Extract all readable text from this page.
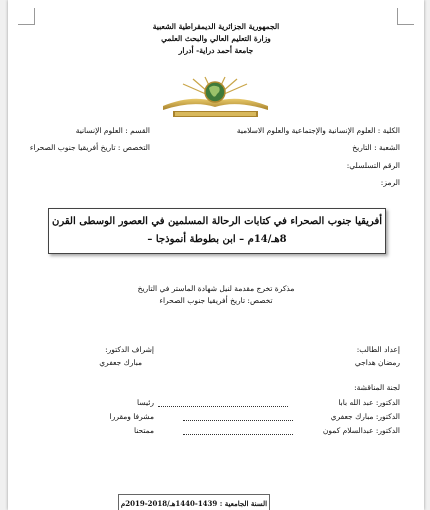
الجمهورية الجزائرية الديمقراطية الشعبية
وزارة التعليم العالي والبحث العلمي
جامعة أحمد دراية- أدرار
الكلية : العلوم الإنسانية والإجتماعية والعلوم الاسلامية
القسم : العلوم الإنسانية
الشعبة : التاريخ
التخصص : تاريخ أفريقيا جنوب الصحراء
الرقم التسلسلي:
الرمز:
أفريقيا جنوب الصحراء في كتابات الرحالة المسلمين في العصور الوسطى القرن
8هـ/14م – ابن بطوطة أنموذجا –
مذكرة تخرج مقدمة لنيل شهادة الماستر في التاريخ
تخصص: تاريخ أفريقيا جنوب الصحراء
إعداد الطالب:
إشراف الدكتور:
رمضان هداجي
مبارك جعفري
لجنة المناقشة:
الدكتور: عبد الله بابا
رئيسا
الدكتور: مبارك جعفري
مشرفا ومقررا
الدكتور: عبدالسلام كمون
ممتحنا
السنة الجامعية : 1439-1440هـ/2018-2019م
